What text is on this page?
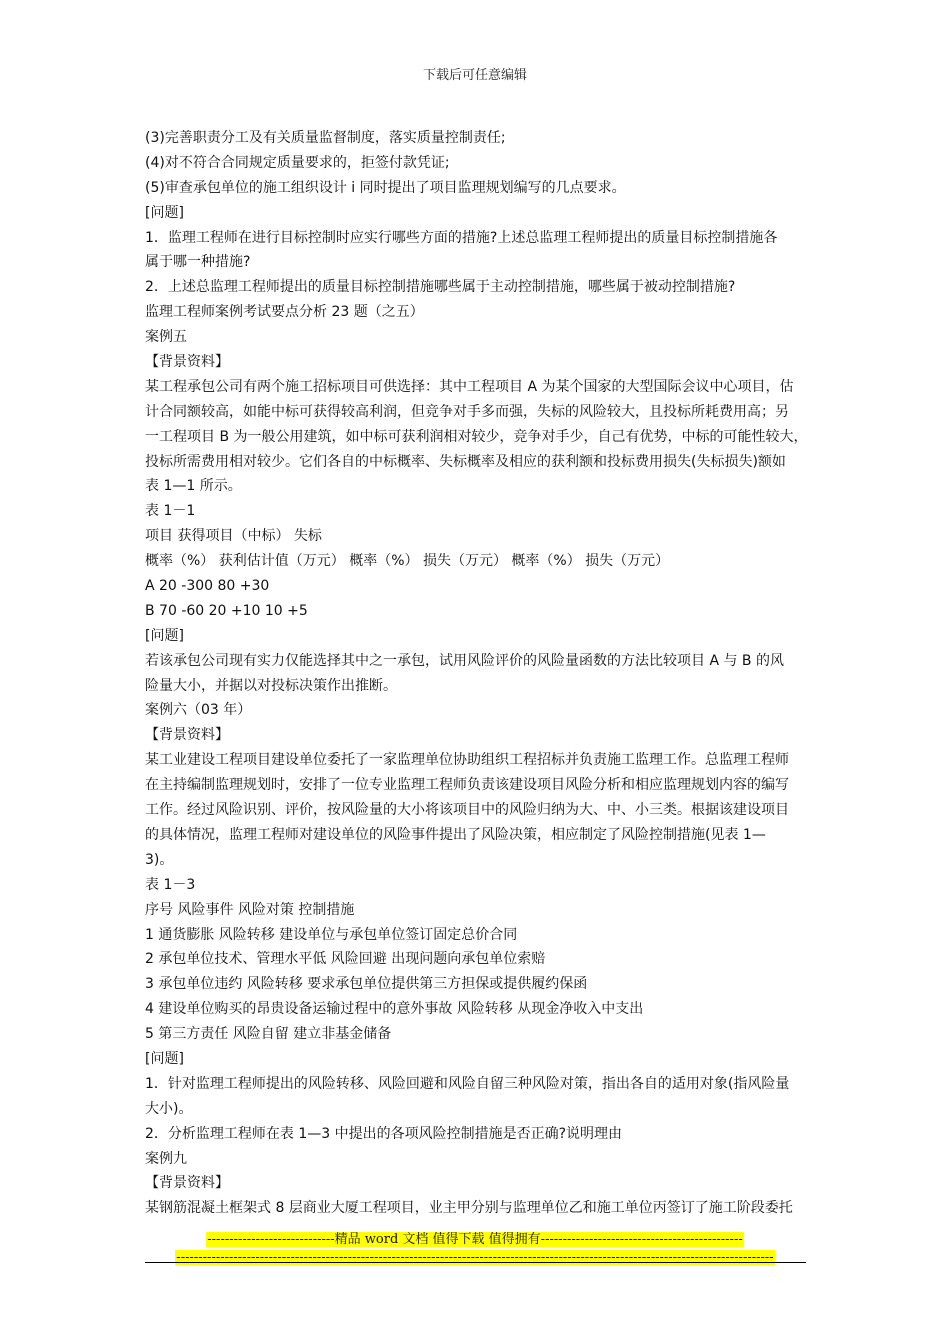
下载后可任意编辑
(3)完善职责分工及有关质量监督制度，落实质量控制责任;
(4)对不符合合同规定质量要求的，拒签付款凭证;
(5)审查承包单位的施工组织设计 i 同时提出了项目监理规划编写的几点要求。
[问题]
1．监理工程师在进行目标控制时应实行哪些方面的措施?上述总监理工程师提出的质量目标控制措施各
属于哪一种措施?
2．上述总监理工程师提出的质量目标控制措施哪些属于主动控制措施，哪些属于被动控制措施?
监理工程师案例考试要点分析 23 题（之五）
案例五
【背景资料】
某工程承包公司有两个施工招标项目可供选择：其中工程项目 A 为某个国家的大型国际会议中心项目，估
计合同额较高，如能中标可获得较高利润，但竞争对手多而强，失标的风险较大，且投标所耗费用高；另
一工程项目 B 为一般公用建筑，如中标可获利润相对较少，竞争对手少，自己有优势，中标的可能性较大，
投标所需费用相对较少。它们各自的中标概率、失标概率及相应的获利额和投标费用损失(失标损失)额如
表 1—1 所示。
表 1－1
项目 获得项目（中标） 失标
概率（%） 获利估计值（万元） 概率（%） 损失（万元） 概率（%） 损失（万元）
A 20 -300 80 +30
B 70 -60 20 +10 10 +5
[问题]
若该承包公司现有实力仅能选择其中之一承包，试用风险评价的风险量函数的方法比较项目 A 与 B 的风
险量大小，并据以对投标决策作出推断。
案例六（03 年）
【背景资料】
某工业建设工程项目建设单位委托了一家监理单位协助组织工程招标并负责施工监理工作。总监理工程师
在主持编制监理规划时，安排了一位专业监理工程师负责该建设项目风险分析和相应监理规划内容的编写
工作。经过风险识别、评价，按风险量的大小将该项目中的风险归纳为大、中、小三类。根据该建设项目
的具体情况，监理工程师对建设单位的风险事件提出了风险决策，相应制定了风险控制措施(见表 1—
3)。
表 1－3
序号 风险事件 风险对策 控制措施
1 通货膨胀 风险转移 建设单位与承包单位签订固定总价合同
2 承包单位技术、管理水平低 风险回避 出现问题向承包单位索赔
3 承包单位违约 风险转移 要求承包单位提供第三方担保或提供履约保函
4 建设单位购买的昂贵设备运输过程中的意外事故 风险转移 从现金净收入中支出
5 第三方责任 风险自留 建立非基金储备
[问题]
1．针对监理工程师提出的风险转移、风险回避和风险自留三种风险对策，指出各自的适用对象(指风险量
大小)。
2．分析监理工程师在表 1—3 中提出的各项风险控制措施是否正确?说明理由
案例九
【背景资料】
某钢筋混凝土框架式 8 层商业大厦工程项目，业主甲分别与监理单位乙和施工单位丙签订了施工阶段委托
-----------------------------精品 word 文档 值得下载 值得拥有----------------------------------------------
----------------------------------------------------------------------------------------------------------------------------------------
